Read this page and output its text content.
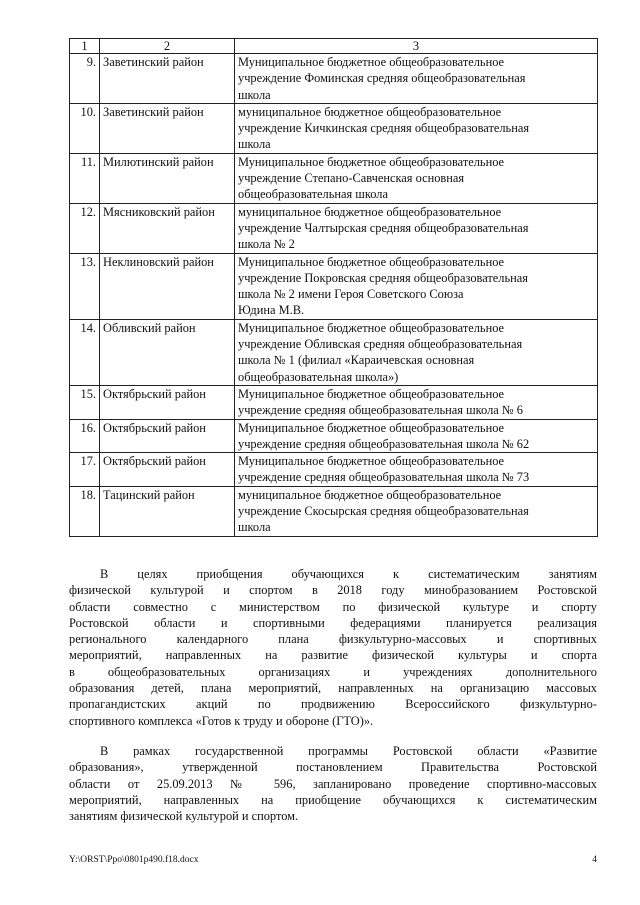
1	2	3
9.	Заветинский район	Муниципальное бюджетное общеобразовательное
учреждение Фоминская средняя общеобразовательная
школа

10.	Заветинский район	муниципальное бюджетное общеобразовательное
учреждение Кичкинская средняя общеобразовательная
школа

11.	Милютинский район	Муниципальное бюджетное общеобразовательное
учреждение Степано-Савченская основная
общеобразовательная школа

12.	Мясниковский район	муниципальное бюджетное общеобразовательное
учреждение Чалтырская средняя общеобразовательная
школа № 2

13.	Неклиновский район	Муниципальное бюджетное общеобразовательное
учреждение Покровская средняя общеобразовательная
школа № 2 имени Героя Советского Союза
Юдина М.В.

14.	Обливский район	Муниципальное бюджетное общеобразовательное
учреждение Обливская средняя общеобразовательная
школа № 1 (филиал «Караичевская основная
общеобразовательная школа»)

15.	Октябрьский район	Муниципальное бюджетное общеобразовательное
учреждение средняя общеобразовательная школа № 6

16.	Октябрьский район	Муниципальное бюджетное общеобразовательное
учреждение средняя общеобразовательная школа № 62

17.	Октябрьский район	Муниципальное бюджетное общеобразовательное
учреждение средняя общеобразовательная школа № 73

18.	Тацинский район	муниципальное бюджетное общеобразовательное
учреждение Скосырская средняя общеобразовательная
школа
В целях приобщения обучающихся к систематическим занятиям
физической культурой и спортом в 2018 году минобразованием Ростовской
области совместно с министерством по физической культуре и спорту
Ростовской области и спортивными федерациями планируется реализация
регионального календарного плана физкультурно-массовых и спортивных
мероприятий, направленных на развитие физической культуры и спорта
в общеобразовательных организациях и учреждениях дополнительного
образования детей, плана мероприятий, направленных на организацию массовых
пропагандистских акций по продвижению Всероссийского физкультурно-
спортивного комплекса «Готов к труду и обороне (ГТО)».
В рамках государственной программы Ростовской области «Развитие
образования», утвержденной постановлением Правительства Ростовской
области от 25.09.2013 № 596, запланировано проведение спортивно-массовых
мероприятий, направленных на приобщение обучающихся к систематическим
занятиям физической культурой и спортом.
Y:\ORST\Ppo\0801p490.f18.docx	4
